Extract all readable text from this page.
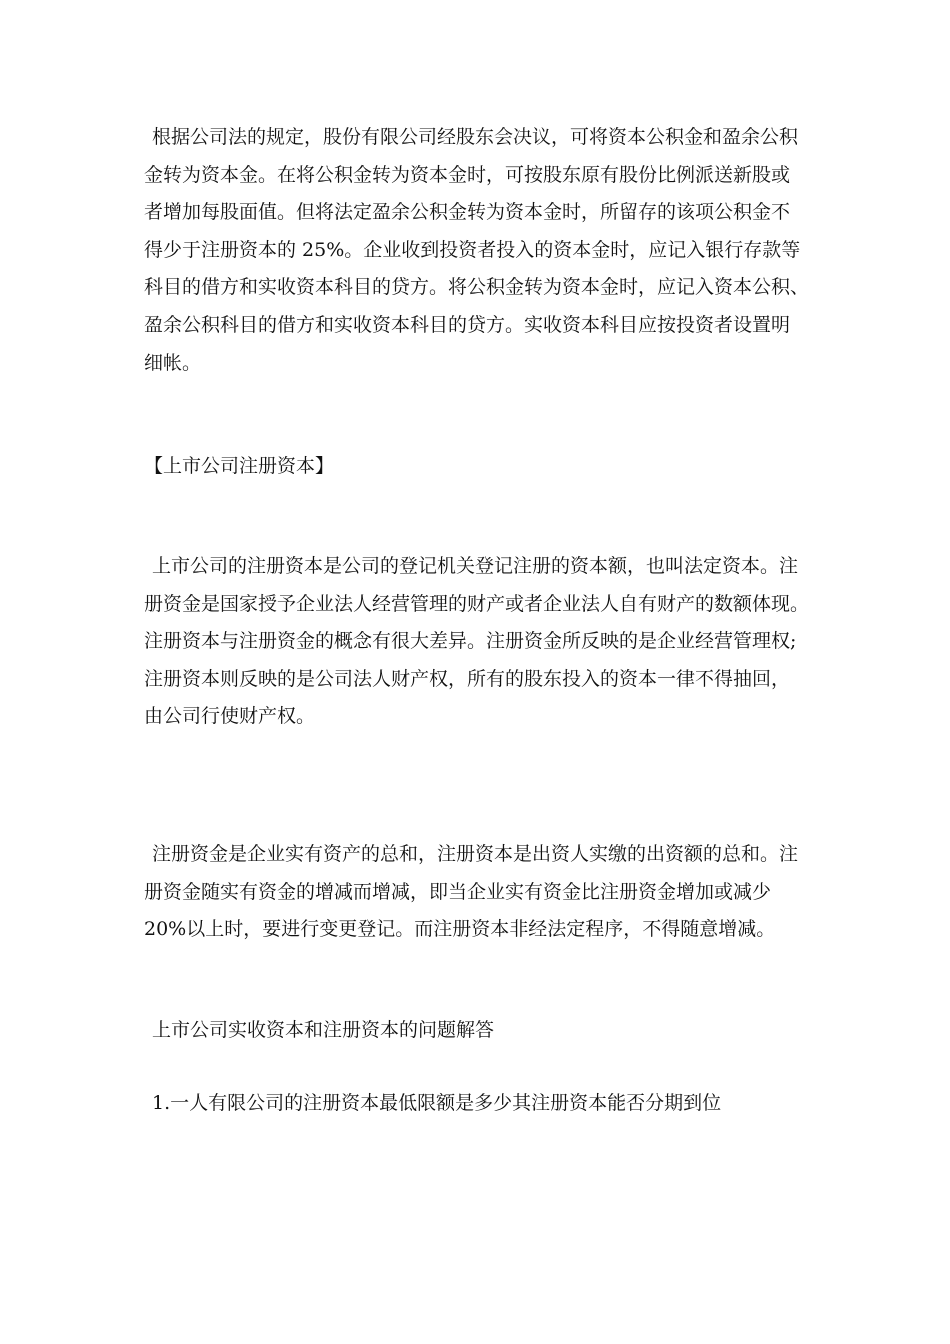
根据公司法的规定，股份有限公司经股东会决议，可将资本公积金和盈余公积
金转为资本金。在将公积金转为资本金时，可按股东原有股份比例派送新股或
者增加每股面值。但将法定盈余公积金转为资本金时，所留存的该项公积金不
得少于注册资本的 25%。企业收到投资者投入的资本金时，应记入银行存款等
科目的借方和实收资本科目的贷方。将公积金转为资本金时，应记入资本公积、
盈余公积科目的借方和实收资本科目的贷方。实收资本科目应按投资者设置明
细帐。
【上市公司注册资本】
上市公司的注册资本是公司的登记机关登记注册的资本额，也叫法定资本。注
册资金是国家授予企业法人经营管理的财产或者企业法人自有财产的数额体现。
注册资本与注册资金的概念有很大差异。注册资金所反映的是企业经营管理权;
注册资本则反映的是公司法人财产权，所有的股东投入的资本一律不得抽回，
由公司行使财产权。
注册资金是企业实有资产的总和，注册资本是出资人实缴的出资额的总和。注
册资金随实有资金的增减而增减，即当企业实有资金比注册资金增加或减少
20%以上时，要进行变更登记。而注册资本非经法定程序，不得随意增减。
上市公司实收资本和注册资本的问题解答
1.一人有限公司的注册资本最低限额是多少其注册资本能否分期到位
